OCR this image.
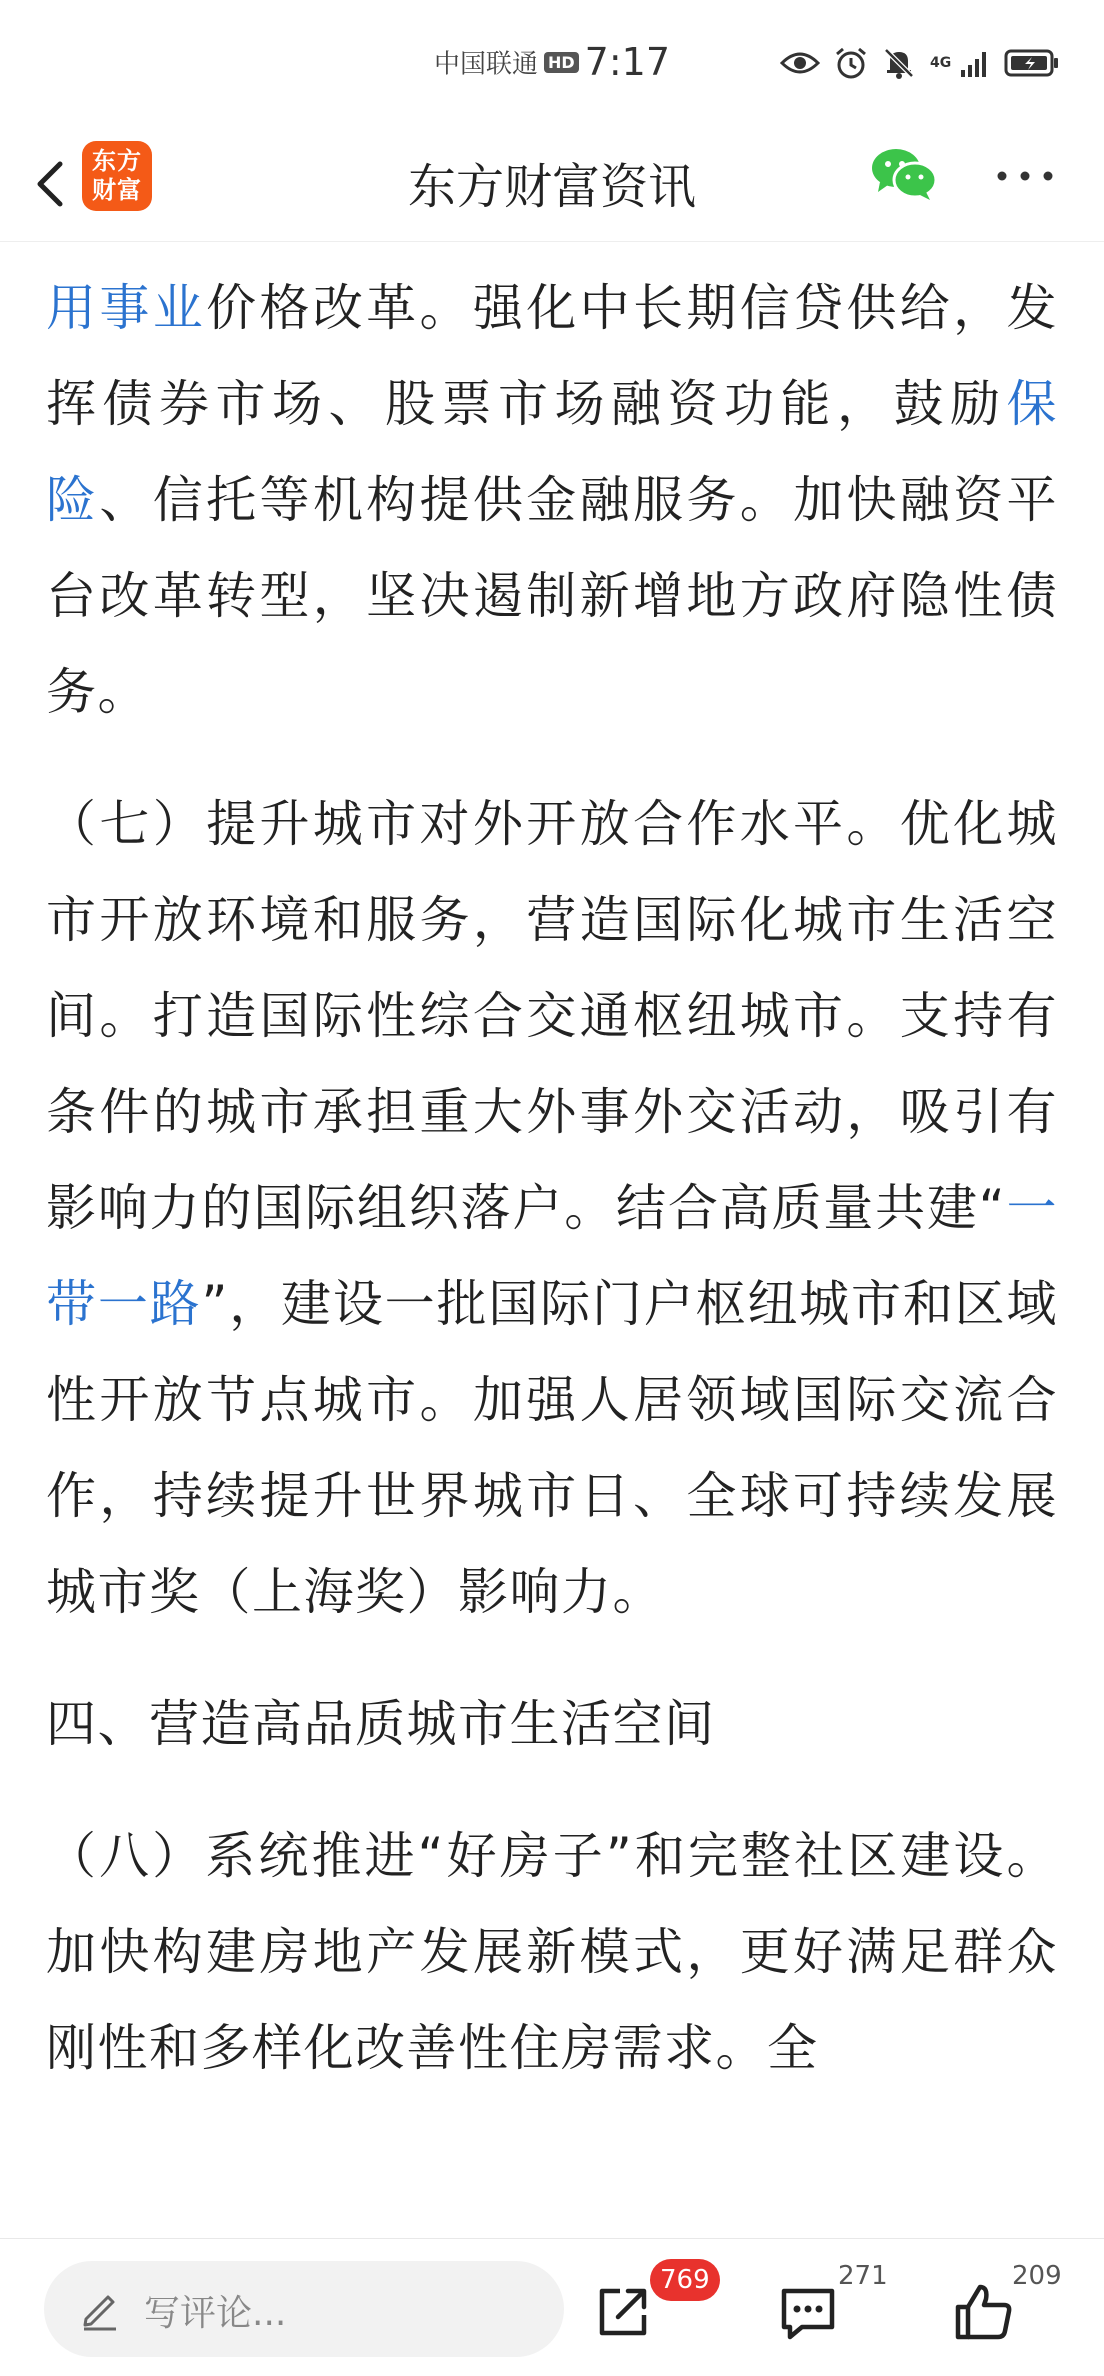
中国联通 HD 7:17	4G
东方
财富	东方财富资讯

用事业价格改革。强化中长期信贷供给，发挥债券市场、股票市场融资功能，鼓励保险、信托等机构提供金融服务。加快融资平台改革转型，坚决遏制新增地方政府隐性债务。

（七）提升城市对外开放合作水平。优化城市开放环境和服务，营造国际化城市生活空间。打造国际性综合交通枢纽城市。支持有条件的城市承担重大外事外交活动，吸引有影响力的国际组织落户。结合高质量共建“一带一路”，建设一批国际门户枢纽城市和区域性开放节点城市。加强人居领域国际交流合作，持续提升世界城市日、全球可持续发展城市奖（上海奖）影响力。

四、营造高品质城市生活空间

（八）系统推进“好房子”和完整社区建设。加快构建房地产发展新模式，更好满足群众刚性和多样化改善性住房需求。全

写评论...
769	271	209
